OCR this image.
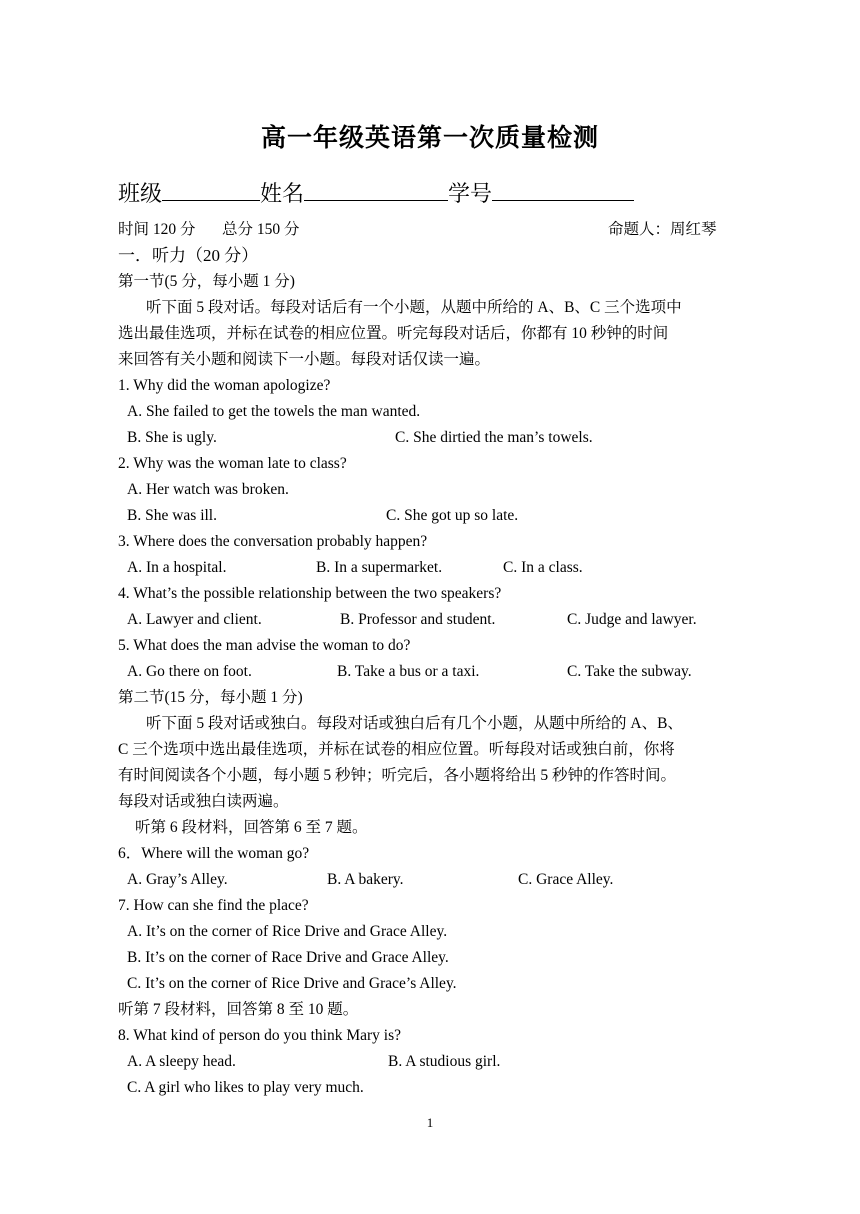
高一年级英语第一次质量检测
班级	姓名	学号
时间 120 分 总分 150 分	命题人：周红琴
一．听力（20 分）
第一节(5 分，每小题 1 分)
听下面 5 段对话。每段对话后有一个小题，从题中所给的 A、B、C 三个选项中
选出最佳选项，并标在试卷的相应位置。听完每段对话后，你都有 10 秒钟的时间
来回答有关小题和阅读下一小题。每段对话仅读一遍。
1. Why did the woman apologize?
A. She failed to get the towels the man wanted.
B. She is ugly.	C. She dirtied the man’s towels.
2. Why was the woman late to class?
A. Her watch was broken.
B. She was ill.	C. She got up so late.
3. Where does the conversation probably happen?
A. In a hospital.	B. In a supermarket.	C. In a class.
4. What’s the possible relationship between the two speakers?
A. Lawyer and client.	B. Professor and student.	C. Judge and lawyer.
5. What does the man advise the woman to do?
A. Go there on foot.	B. Take a bus or a taxi.	C. Take the subway.
第二节(15 分，每小题 1 分)
听下面 5 段对话或独白。每段对话或独白后有几个小题，从题中所给的 A、B、
C 三个选项中选出最佳选项，并标在试卷的相应位置。听每段对话或独白前，你将
有时间阅读各个小题，每小题 5 秒钟；听完后，各小题将给出 5 秒钟的作答时间。
每段对话或独白读两遍。
听第 6 段材料，回答第 6 至 7 题。
6．Where will the woman go?
A. Gray’s Alley.	B. A bakery.	C. Grace Alley.
7. How can she find the place?
A. It’s on the corner of Rice Drive and Grace Alley.
B. It’s on the corner of Race Drive and Grace Alley.
C. It’s on the corner of Rice Drive and Grace’s Alley.
听第 7 段材料，回答第 8 至 10 题。
8. What kind of person do you think Mary is?
A. A sleepy head.	B. A studious girl.
C. A girl who likes to play very much.
1
